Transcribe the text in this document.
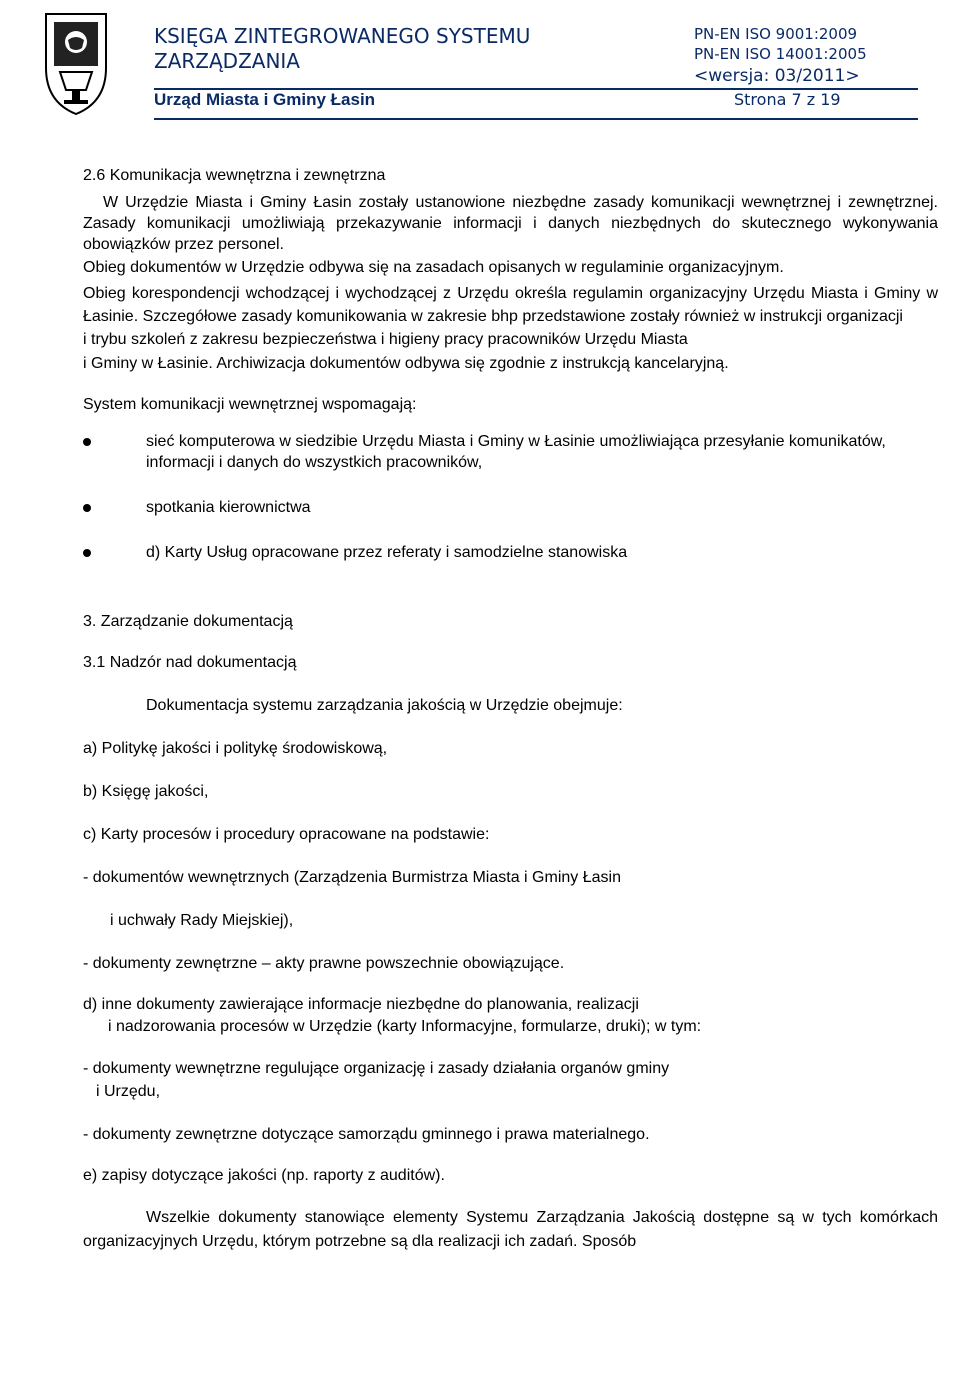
KSIĘGA ZINTEGROWANEGO SYSTEMU
ZARZĄDZANIA
PN-EN ISO 9001:2009
PN-EN ISO 14001:2005
<wersja: 03/2011>
Urząd Miasta i Gminy Łasin	Strona 7 z 19

2.6 Komunikacja wewnętrzna i zewnętrzna

W Urzędzie Miasta i Gminy Łasin zostały ustanowione niezbędne zasady komunikacji wewnętrznej i zewnętrznej. Zasady komunikacji umożliwiają przekazywanie informacji i danych niezbędnych do skutecznego wykonywania obowiązków przez personel.

Obieg dokumentów w Urzędzie odbywa się na zasadach opisanych w regulaminie organizacyjnym.

Obieg korespondencji wchodzącej i wychodzącej z Urzędu określa regulamin organizacyjny Urzędu Miasta i Gminy w Łasinie. Szczegółowe zasady komunikowania w zakresie bhp przedstawione zostały również w instrukcji organizacji

i trybu szkoleń z zakresu bezpieczeństwa i higieny pracy pracowników Urzędu Miasta

i Gminy w Łasinie. Archiwizacja dokumentów odbywa się zgodnie z instrukcją kancelaryjną.

System komunikacji wewnętrznej wspomagają:

sieć komputerowa w siedzibie Urzędu Miasta i Gminy w Łasinie umożliwiająca przesyłanie komunikatów, informacji i danych do wszystkich pracowników,
spotkania kierownictwa
d) Karty Usług opracowane przez referaty i samodzielne stanowiska

3. Zarządzanie dokumentacją

3.1 Nadzór nad dokumentacją

Dokumentacja systemu zarządzania jakością w Urzędzie obejmuje:

a) Politykę jakości i politykę środowiskową,

b) Księgę jakości,

c) Karty procesów i procedury opracowane na podstawie:

- dokumentów wewnętrznych (Zarządzenia Burmistrza Miasta i Gminy Łasin

i uchwały Rady Miejskiej),

- dokumenty zewnętrzne – akty prawne powszechnie obowiązujące.

d) inne dokumenty zawierające informacje niezbędne do planowania, realizacji

i nadzorowania procesów w Urzędzie (karty Informacyjne, formularze, druki); w tym:

- dokumenty wewnętrzne regulujące organizację i zasady działania organów gminy

i Urzędu,

- dokumenty zewnętrzne dotyczące samorządu gminnego i prawa materialnego.

e) zapisy dotyczące jakości (np. raporty z auditów).

Wszelkie dokumenty stanowiące elementy Systemu Zarządzania Jakością dostępne są w tych komórkach organizacyjnych Urzędu, którym potrzebne są dla realizacji ich zadań. Sposób
